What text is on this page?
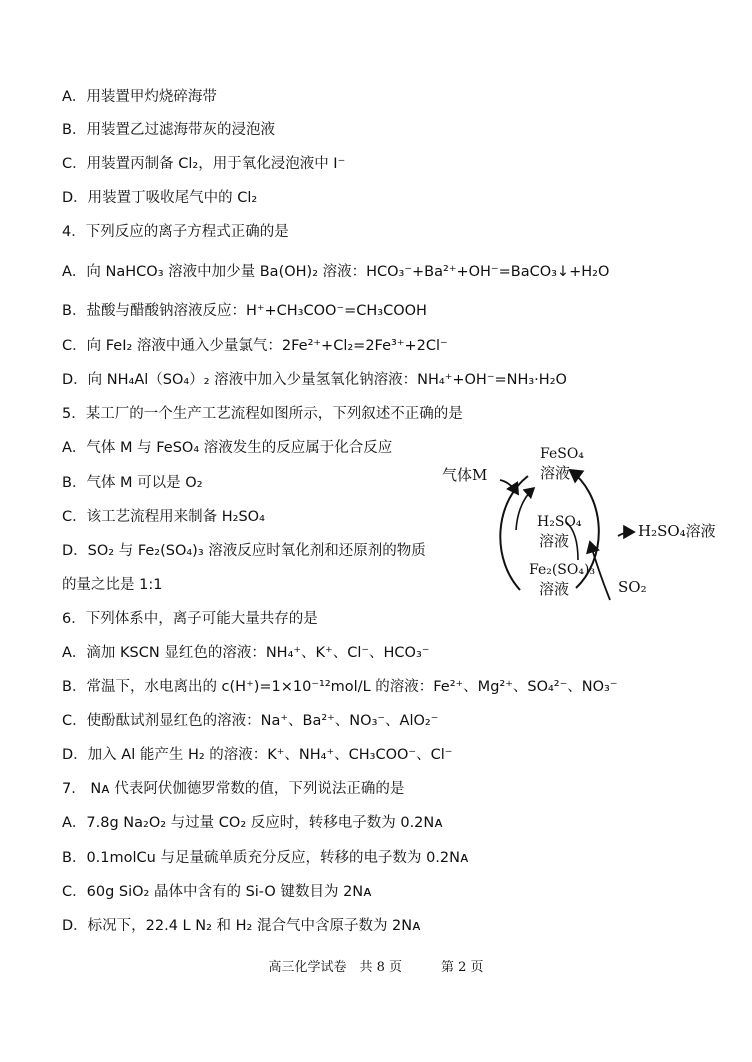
A．用装置甲灼烧碎海带
B．用装置乙过滤海带灰的浸泡液
C．用装置丙制备 Cl₂，用于氧化浸泡液中 I⁻
D．用装置丁吸收尾气中的 Cl₂
4．下列反应的离子方程式正确的是
A．向 NaHCO₃ 溶液中加少量 Ba(OH)₂ 溶液：HCO₃⁻+Ba²⁺+OH⁻=BaCO₃↓+H₂O
B．盐酸与醋酸钠溶液反应：H⁺+CH₃COO⁻=CH₃COOH
C．向 FeI₂ 溶液中通入少量氯气：2Fe²⁺+Cl₂=2Fe³⁺+2Cl⁻
D．向 NH₄Al（SO₄）₂ 溶液中加入少量氢氧化钠溶液：NH₄⁺+OH⁻=NH₃·H₂O
5．某工厂的一个生产工艺流程如图所示，下列叙述不正确的是
A．气体 M 与 FeSO₄ 溶液发生的反应属于化合反应
B．气体 M 可以是 O₂
C．该工艺流程用来制备 H₂SO₄
D．SO₂ 与 Fe₂(SO₄)₃ 溶液反应时氧化剂和还原剂的物质
的量之比是 1:1
6．下列体系中，离子可能大量共存的是
A．滴加 KSCN 显红色的溶液：NH₄⁺、K⁺、Cl⁻、HCO₃⁻
B．常温下，水电离出的 c(H⁺)=1×10⁻¹²mol/L 的溶液：Fe²⁺、Mg²⁺、SO₄²⁻、NO₃⁻
C．使酚酞试剂显红色的溶液：Na⁺、Ba²⁺、NO₃⁻、AlO₂⁻
D．加入 Al 能产生 H₂ 的溶液：K⁺、NH₄⁺、CH₃COO⁻、Cl⁻
7.　Nᴀ 代表阿伏伽德罗常数的值，下列说法正确的是
A．7.8g Na₂O₂ 与过量 CO₂ 反应时，转移电子数为 0.2Nᴀ
B．0.1molCu 与足量硫单质充分反应，转移的电子数为 0.2Nᴀ
C．60g SiO₂ 晶体中含有的 Si-O 键数目为 2Nᴀ
D．标况下，22.4 L N₂ 和 H₂ 混合气中含原子数为 2Nᴀ
气体M
FeSO₄
溶液
H₂SO₄
溶液
Fe₂(SO₄)₃
溶液
H₂SO₄溶液
SO₂
高三化学试卷　共 8 页　　　第 2 页
